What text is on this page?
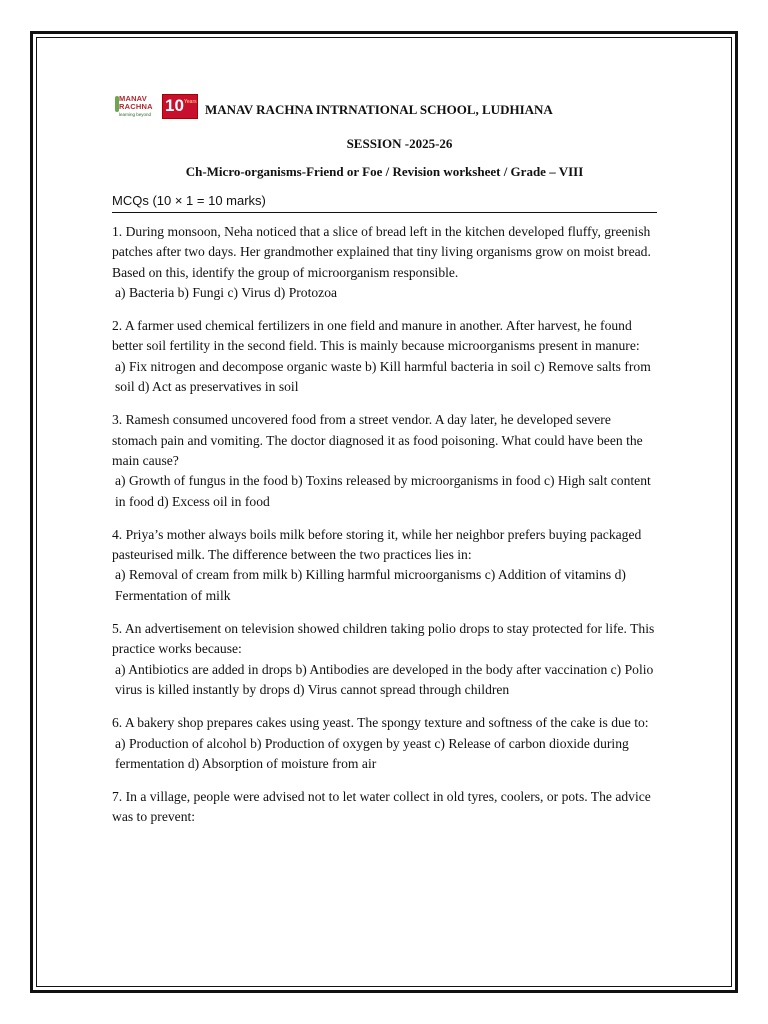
MANAV
RACHNA
learning beyond 10 Years MANAV RACHNA INTRNATIONAL SCHOOL, LUDHIANA
SESSION -2025-26
Ch-Micro-organisms-Friend or Foe / Revision worksheet / Grade – VIII
MCQs (10 × 1 = 10 marks)
1. During monsoon, Neha noticed that a slice of bread left in the kitchen developed fluffy, greenish patches after two days. Her grandmother explained that tiny living organisms grow on moist bread. Based on this, identify the group of microorganism responsible.
a) Bacteria b) Fungi c) Virus d) Protozoa
2. A farmer used chemical fertilizers in one field and manure in another. After harvest, he found better soil fertility in the second field. This is mainly because microorganisms present in manure:
a) Fix nitrogen and decompose organic waste b) Kill harmful bacteria in soil c) Remove salts from soil d) Act as preservatives in soil
3. Ramesh consumed uncovered food from a street vendor. A day later, he developed severe stomach pain and vomiting. The doctor diagnosed it as food poisoning. What could have been the main cause?
a) Growth of fungus in the food b) Toxins released by microorganisms in food c) High salt content in food d) Excess oil in food
4. Priya’s mother always boils milk before storing it, while her neighbor prefers buying packaged pasteurised milk. The difference between the two practices lies in:
a) Removal of cream from milk b) Killing harmful microorganisms c) Addition of vitamins d) Fermentation of milk
5. An advertisement on television showed children taking polio drops to stay protected for life. This practice works because:
a) Antibiotics are added in drops b) Antibodies are developed in the body after vaccination c) Polio virus is killed instantly by drops d) Virus cannot spread through children
6. A bakery shop prepares cakes using yeast. The spongy texture and softness of the cake is due to:
a) Production of alcohol b) Production of oxygen by yeast c) Release of carbon dioxide during fermentation d) Absorption of moisture from air
7. In a village, people were advised not to let water collect in old tyres, coolers, or pots. The advice was to prevent:
